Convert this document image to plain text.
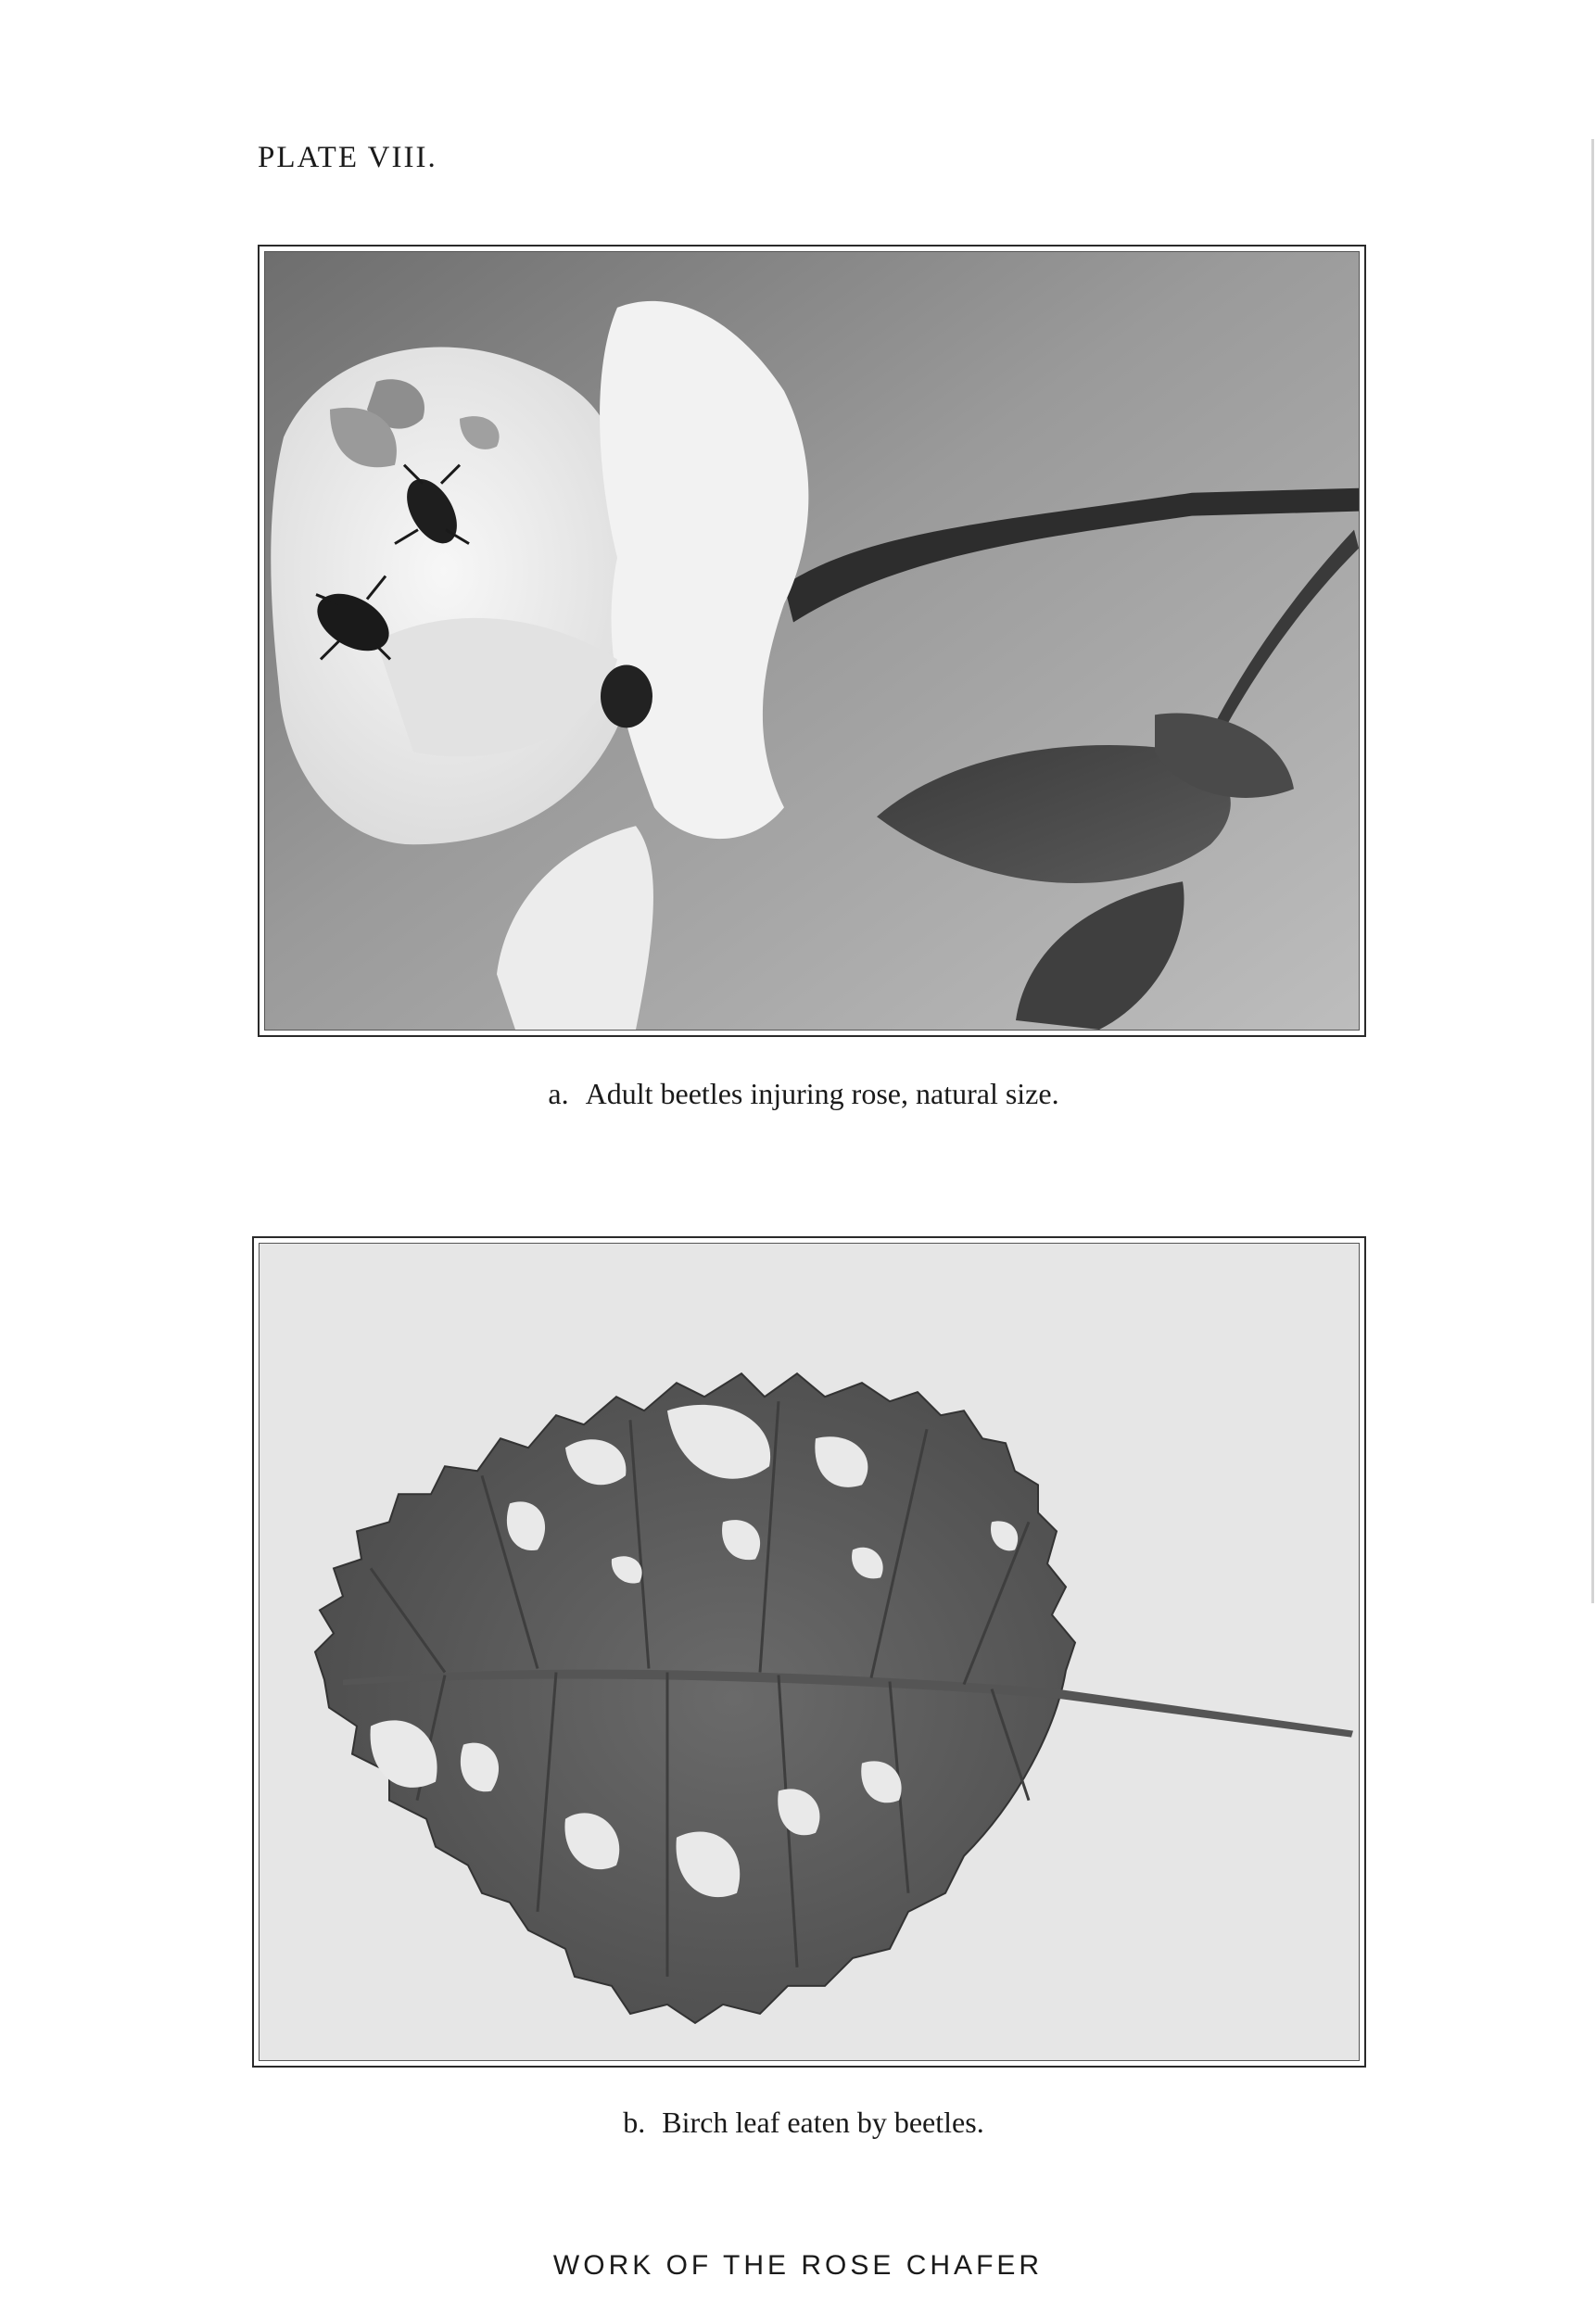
PLATE VIII.

a. Adult beetles injuring rose, natural size.

b. Birch leaf eaten by beetles.

WORK OF THE ROSE CHAFER
